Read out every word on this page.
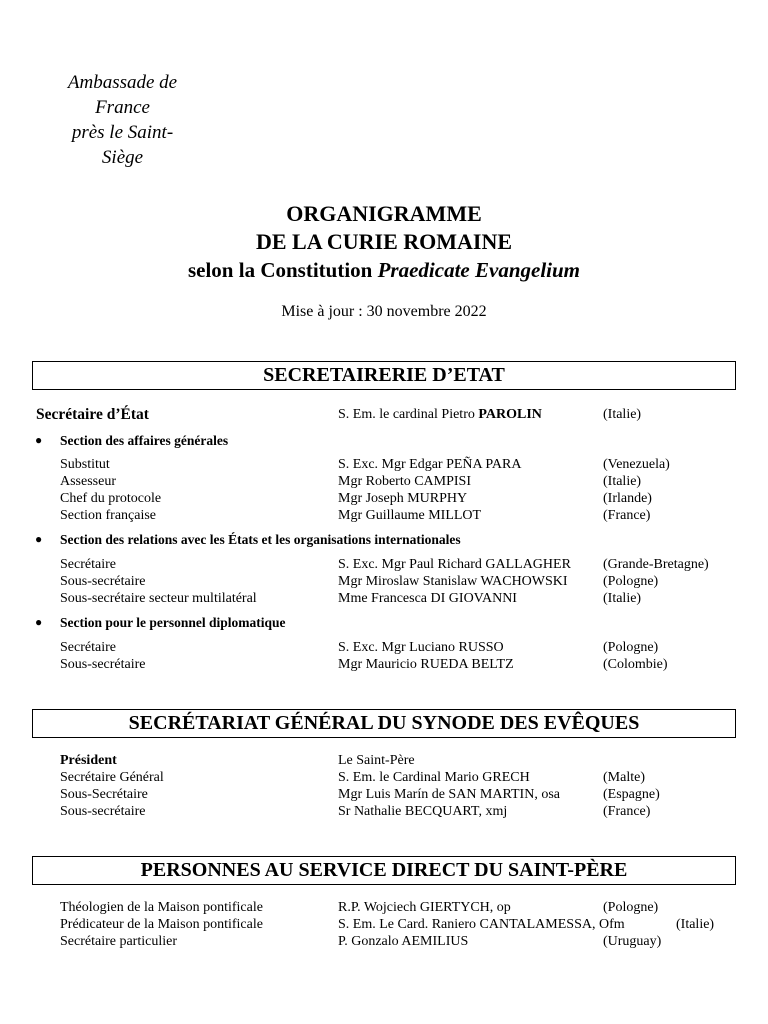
Ambassade de
France
près le Saint-
Siège
ORGANIGRAMME
DE LA CURIE ROMAINE
selon la Constitution Praedicate Evangelium
Mise à jour : 30 novembre 2022
SECRETAIRERIE D’ETAT
Secrétaire d’État	S. Em. le cardinal Pietro PAROLIN	(Italie)
● Section des affaires générales
Substitut	S. Exc. Mgr Edgar PEÑA PARA	(Venezuela)
Assesseur	Mgr Roberto CAMPISI	(Italie)
Chef du protocole	Mgr Joseph MURPHY	(Irlande)
Section française	Mgr Guillaume MILLOT	(France)
● Section des relations avec les États et les organisations internationales
Secrétaire	S. Exc. Mgr Paul Richard GALLAGHER (Grande-Bretagne)
Sous-secrétaire	Mgr Miroslaw Stanislaw WACHOWSKI	(Pologne)
Sous-secrétaire secteur multilatéral	Mme Francesca DI GIOVANNI	(Italie)
● Section pour le personnel diplomatique
Secrétaire	S. Exc. Mgr Luciano RUSSO	(Pologne)
Sous-secrétaire	Mgr Mauricio RUEDA BELTZ	(Colombie)
SECRÉTARIAT GÉNÉRAL DU SYNODE DES EVÊQUES
Président	Le Saint-Père
Secrétaire Général	S. Em. le Cardinal Mario GRECH	(Malte)
Sous-Secrétaire	Mgr Luis Marín de SAN MARTIN, osa	(Espagne)
Sous-secrétaire	Sr Nathalie BECQUART, xmj	(France)
PERSONNES AU SERVICE DIRECT DU SAINT-PÈRE
Théologien de la Maison pontificale	R.P. Wojciech GIERTYCH, op	(Pologne)
Prédicateur de la Maison pontificale	S. Em. Le Card. Raniero CANTALAMESSA, Ofm	(Italie)
Secrétaire particulier	P. Gonzalo AEMILIUS	(Uruguay)
